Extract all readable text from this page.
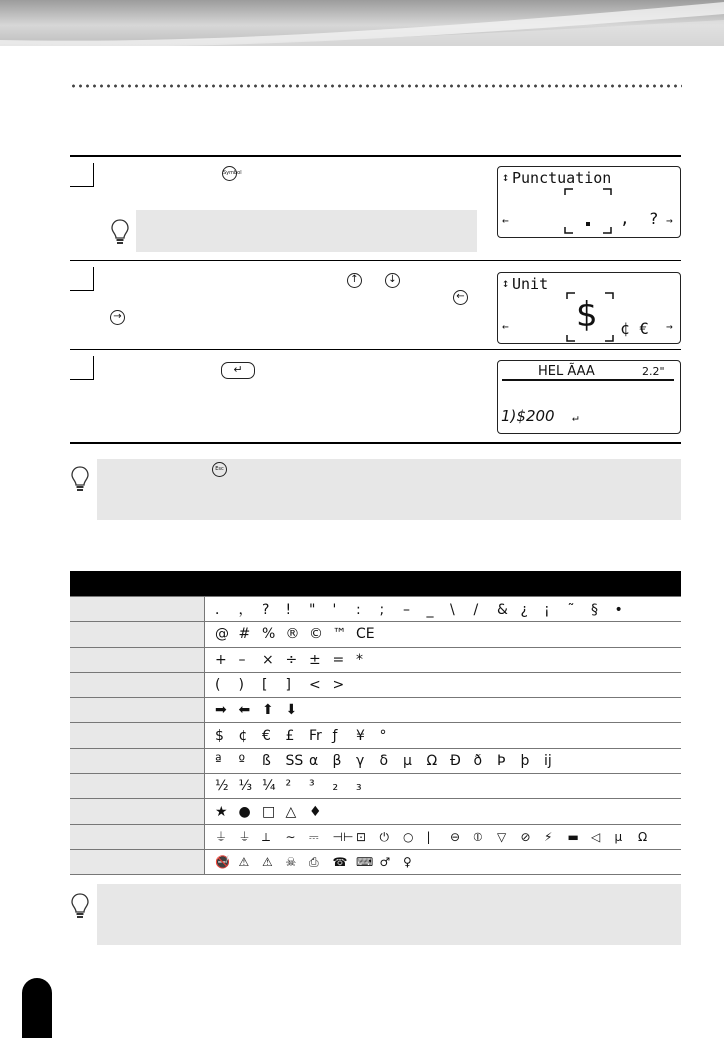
Symbol	↕ Punctuation
←	,  ? →
↑	↓
←
→
↕ Unit
$
←	¢ € →
↵	HEL ÃAA	2.2"
1)$200 ↵
Esc

	． ， ? ! " ' : ; – _ \ / & ¿ ¡ ˜ § •
	@ # % ® © ™ CE
	+ – × ÷ ± = *
	( ) [ ] < >
	➡ ⬅ ⬆ ⬇
	$ ¢ € £ Fr ƒ ¥ °
	ª º ß SS α β γ δ µ Ω Đ ð Þ þ ĳ
	½ ⅓ ¼ ² ³ ₂ ₃
	★ ● □ △ ♦
	⏚ ⏚ ⟂ ∼ ⎓ ⊣⊢ ⊡ ⏻ ○ | ⊖ ⦶ ▽ ⊘ ⚡ ▬ ◁ µ Ω
	🚭 ⚠ ⚠ ☠ ⎙ ☎ ⌨ ♂ ♀
